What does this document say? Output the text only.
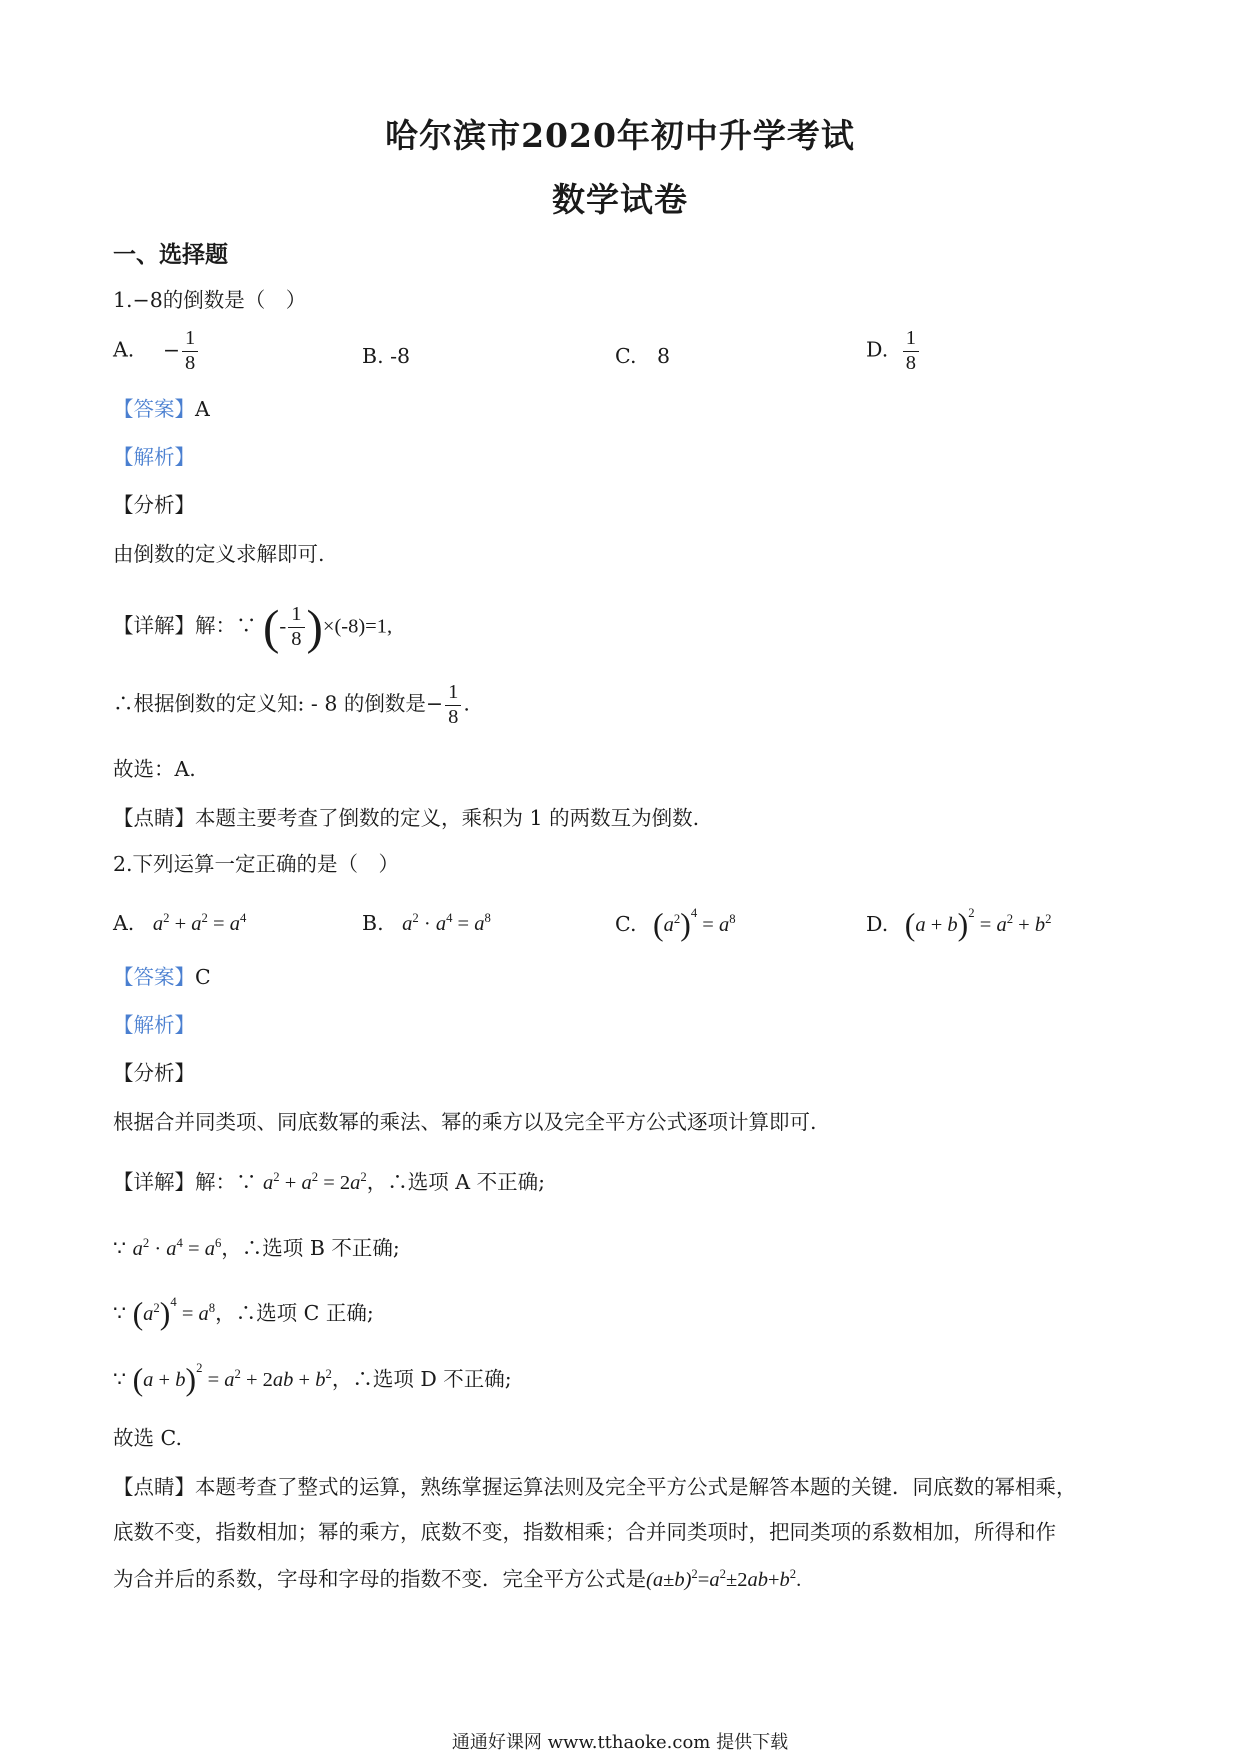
哈尔滨市2020年初中升学考试
数学试卷
一、选择题
1.−8的倒数是（　）
A. − $\frac{1}{8}$	B. -8	C.　8	D. $\frac{1}{8}$
【答案】A
【解析】
【分析】
由倒数的定义求解即可.
【详解】解：∵ (- $\frac{1}{8} )\times(-8)=1$,
∴根据倒数的定义知: - 8 的倒数是− $\frac{1}{8}$ .
故选：A.
【点睛】本题主要考查了倒数的定义，乘积为 1 的两数互为倒数.
2.下列运算一定正确的是（　）
A. $a^2 + a^2 = a^4$	B. $a^2 \cdot a^4 = a^8$	C. $(a^2)^4 = a^8$	D. $(a + b)^2 = a^2 + b^2$
【答案】C
【解析】
【分析】
根据合并同类项、同底数幂的乘法、幂的乘方以及完全平方公式逐项计算即可.
【详解】解：∵ $a^2 + a^2 = 2a^2$，∴选项 A 不正确;
∵ $a^2 \cdot a^4 = a^6$，∴选项 B 不正确;
∵ $(a^2)^4 = a^8$，∴选项 C 正确;
∵ $(a + b)^2 = a^2 + 2ab + b^2$，∴选项 D 不正确;
故选 C.
【点睛】本题考查了整式的运算，熟练掌握运算法则及完全平方公式是解答本题的关键．同底数的幂相乘，
底数不变，指数相加；幂的乘方，底数不变，指数相乘；合并同类项时，把同类项的系数相加，所得和作
为合并后的系数，字母和字母的指数不变．完全平方公式是$(a\pm b)^2=a^2\pm 2ab+b^2$.
通通好课网 www.tthaoke.com 提供下载
